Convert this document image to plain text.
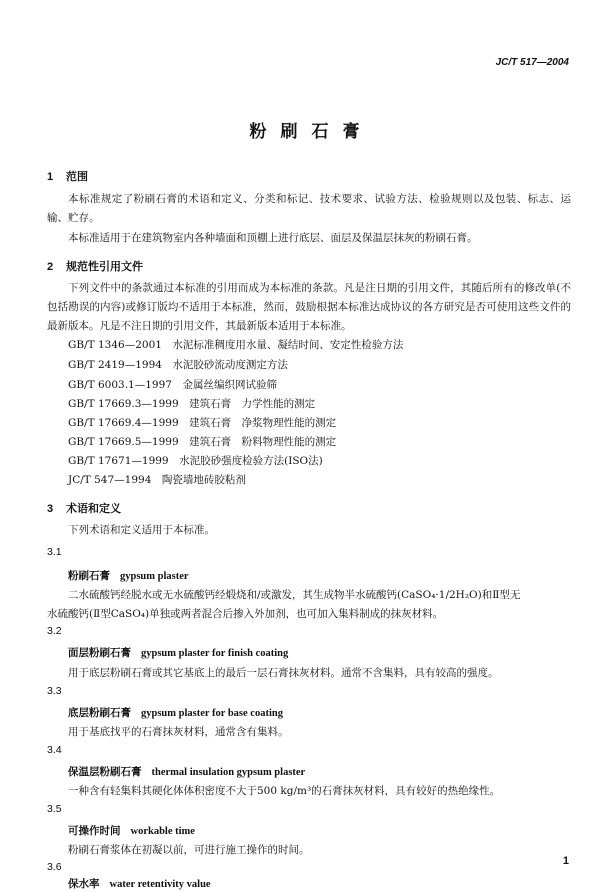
JC/T 517—2004
粉刷石膏
1 范围
本标准规定了粉刷石膏的术语和定义、分类和标记、技术要求、试验方法、检验规则以及包装、标志、运输、贮存。
本标准适用于在建筑物室内各种墙面和顶棚上进行底层、面层及保温层抹灰的粉刷石膏。
2 规范性引用文件
下列文件中的条款通过本标准的引用而成为本标准的条款。凡是注日期的引用文件，其随后所有的修改单(不包括勘误的内容)或修订版均不适用于本标准，然而，鼓励根据本标准达成协议的各方研究是否可使用这些文件的最新版本。凡是不注日期的引用文件，其最新版本适用于本标准。
GB/T 1346—2001　水泥标准稠度用水量、凝结时间、安定性检验方法
GB/T 2419—1994　水泥胶砂流动度测定方法
GB/T 6003.1—1997　金属丝编织网试验筛
GB/T 17669.3—1999　建筑石膏　力学性能的测定
GB/T 17669.4—1999　建筑石膏　净浆物理性能的测定
GB/T 17669.5—1999　建筑石膏　粉料物理性能的测定
GB/T 17671—1999　水泥胶砂强度检验方法(ISO法)
JC/T 547—1994　陶瓷墙地砖胶粘剂
3 术语和定义
下列术语和定义适用于本标准。
3.1
粉刷石膏 gypsum plaster
二水硫酸钙经脱水或无水硫酸钙经煅烧和/或激发，其生成物半水硫酸钙(CaSO₄·1/2H₂O)和Ⅱ型无
水硫酸钙(Ⅱ型CaSO₄)单独或两者混合后掺入外加剂，也可加入集料制成的抹灰材料。
3.2
面层粉刷石膏 gypsum plaster for finish coating
用于底层粉刷石膏或其它基底上的最后一层石膏抹灰材料。通常不含集料，具有较高的强度。
3.3
底层粉刷石膏 gypsum plaster for base coating
用于基底找平的石膏抹灰材料，通常含有集料。
3.4
保温层粉刷石膏 thermal insulation gypsum plaster
一种含有轻集料其硬化体体积密度不大于500 kg/m³的石膏抹灰材料，具有较好的热绝缘性。
3.5
可操作时间 workable time
粉刷石膏浆体在初凝以前，可进行施工操作的时间。
3.6
保水率 water retentivity value
1
